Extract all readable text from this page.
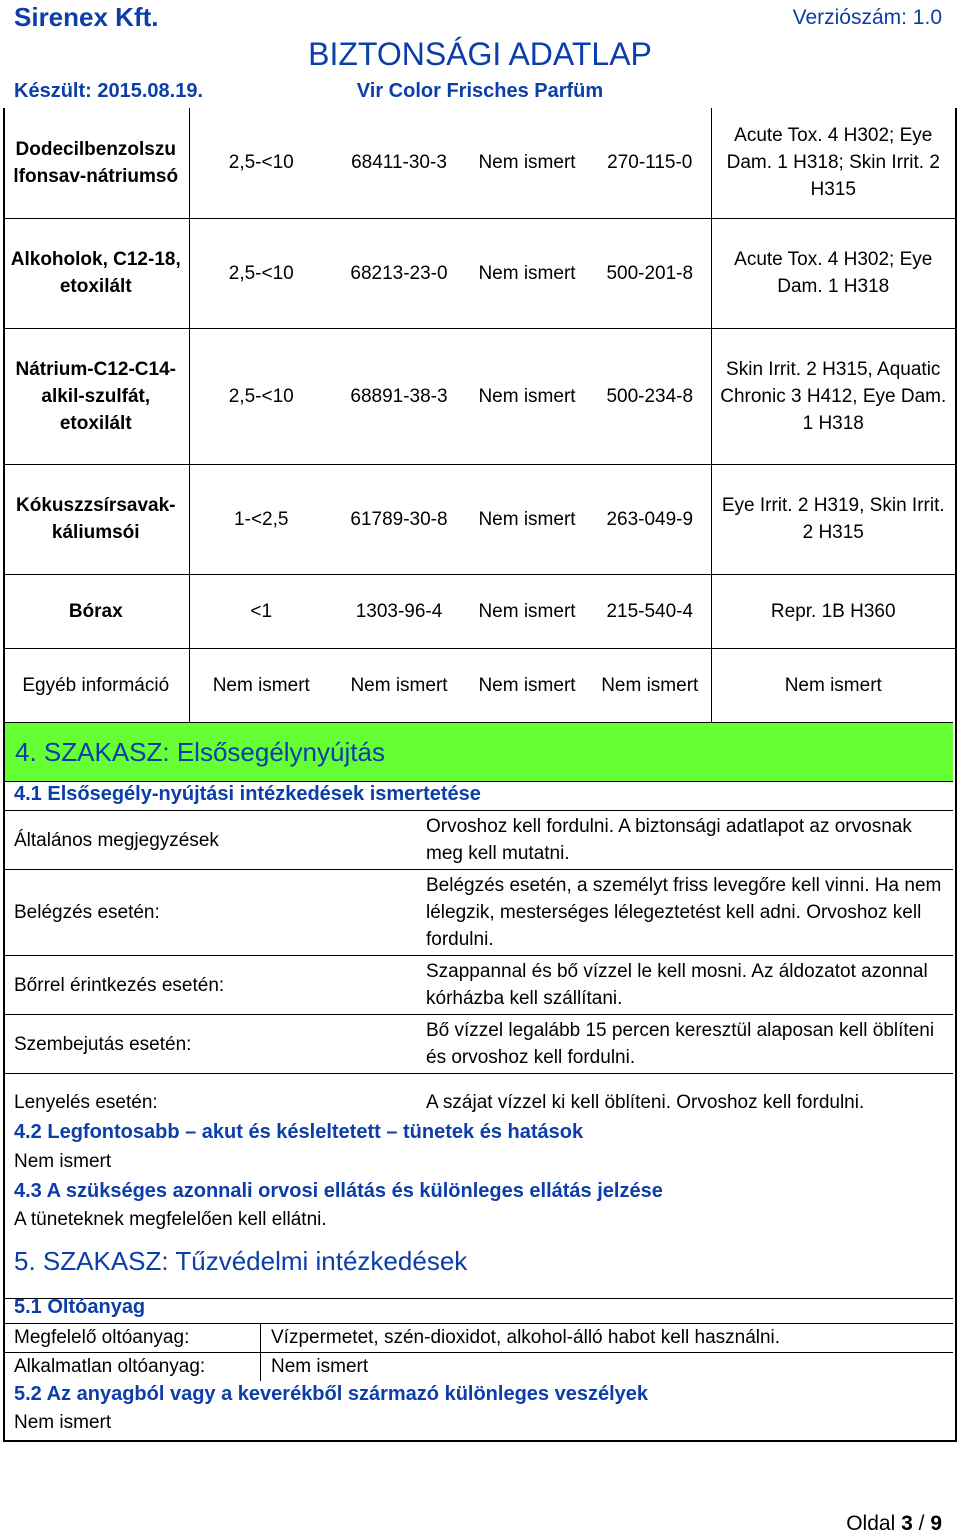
Sirenex Kft.	Verziószám: 1.0
BIZTONSÁGI ADATLAP
Készült: 2015.08.19.	Vir Color Frisches Parfüm
Dodecilbenzolszu lfonsav-nátriumsó	2,5-<10	68411-30-3	Nem ismert	270-115-0	Acute Tox. 4 H302; Eye Dam. 1 H318; Skin Irrit. 2 H315
Alkoholok, C12-18, etoxilált	2,5-<10	68213-23-0	Nem ismert	500-201-8	Acute Tox. 4 H302; Eye Dam. 1 H318
Nátrium-C12-C14-alkil-szulfát, etoxilált	2,5-<10	68891-38-3	Nem ismert	500-234-8	Skin Irrit. 2 H315, Aquatic Chronic 3 H412, Eye Dam. 1 H318
Kókuszzsírsavak-káliumsói	1-<2,5	61789-30-8	Nem ismert	263-049-9	Eye Irrit. 2 H319, Skin Irrit. 2 H315
Bórax	<1	1303-96-4	Nem ismert	215-540-4	Repr. 1B H360
Egyéb információ	Nem ismert	Nem ismert	Nem ismert	Nem ismert	Nem ismert
4. SZAKASZ: Elsősegélynyújtás
4.1 Elsősegély-nyújtási intézkedések ismertetése
Általános megjegyzések	Orvoshoz kell fordulni. A biztonsági adatlapot az orvosnak meg kell mutatni.
Belégzés esetén:	Belégzés esetén, a személyt friss levegőre kell vinni. Ha nem lélegzik, mesterséges lélegeztetést kell adni. Orvoshoz kell fordulni.
Bőrrel érintkezés esetén:	Szappannal és bő vízzel le kell mosni. Az áldozatot azonnal kórházba kell szállítani.
Szembejutás esetén:	Bő vízzel legalább 15 percen keresztül alaposan kell öblíteni és orvoshoz kell fordulni.
Lenyelés esetén:	A szájat vízzel ki kell öblíteni. Orvoshoz kell fordulni.
4.2 Legfontosabb – akut és késleltetett – tünetek és hatások
Nem ismert
4.3 A szükséges azonnali orvosi ellátás és különleges ellátás jelzése
A tüneteknek megfelelően kell ellátni.
5. SZAKASZ: Tűzvédelmi intézkedések
5.1 Oltóanyag
Megfelelő oltóanyag:	Vízpermetet, szén-dioxidot, alkohol-álló habot kell használni.
Alkalmatlan oltóanyag:	Nem ismert
5.2 Az anyagból vagy a keverékből származó különleges veszélyek
Nem ismert
Oldal 3 / 9
